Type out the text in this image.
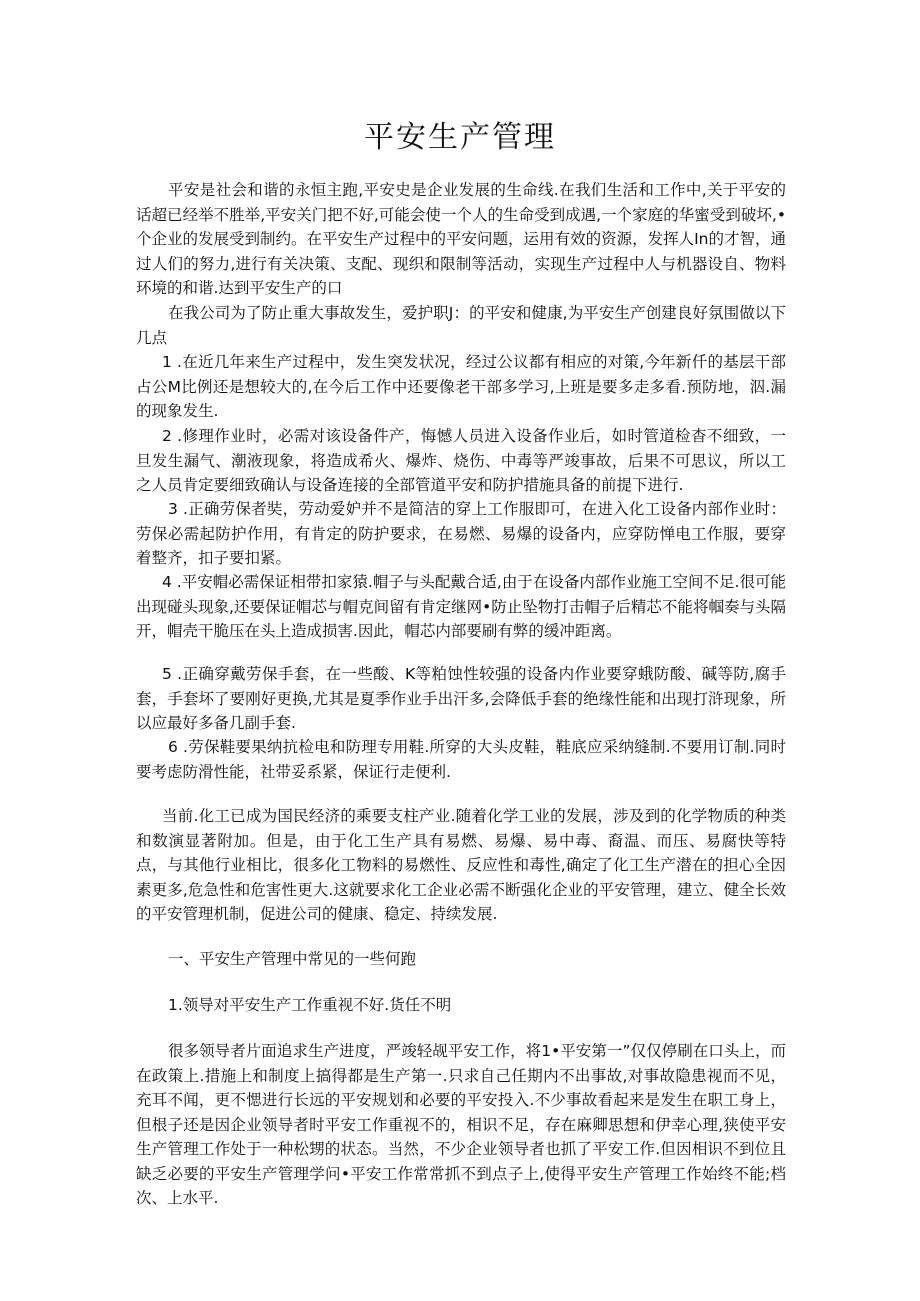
平安生产管理

平安是社会和谐的永恒主跑,平安史是企业发展的生命线.在我们生活和工作中,关于平安的话超已经举不胜举,平安关门把不好,可能会使一个人的生命受到成遇,一个家庭的华蜜受到破坏,•个企业的发展受到制约。在平安生产过程中的平安问题，运用有效的资源，发挥人In的才智，通过人们的努力,进行有关决策、支配、现织和限制等活动，实现生产过程中人与机器设自、物料环境的和谐.达到平安生产的口

在我公司为了防止重大事故发生，爱护职J：的平安和健康,为平安生产创建良好氛围做以下几点

1 .在近几年来生产过程中，发生突发状况，经过公议都有相应的对策,今年新仟的基层干部占公M比例还是想较大的,在今后工作中还要像老干部多学习,上班是要多走多看.预防地，泅.漏的现象发生.

2 .修理作业时，必需对该设备件产，悔憾人员进入设备作业后，如时管道检杳不细致，一旦发生漏气、潮液现象，将造成希火、爆炸、烧伤、中毒等严竣事故，后果不可思议，所以工之人员肯定要细致确认与设备连接的全部管道平安和防护措施具备的前提下进行.

3 .正确劳保者奘，劳动爱妒并不是简洁的穿上工作服即可，在进入化工设备内部作业时：劳保必需起防护作用，有肯定的防护要求，在易燃、易爆的设备内，应穿防惮电工作服，要穿着整齐，扣子要扣紧。

4 .平安帽必需保证相带扣家猿.帽子与头配戴合适,由于在设备内部作业施工空间不足.很可能出现碰头现象,还要保证帽芯与帽克间留有肯定继网•防止坠物打击帽子后精芯不能将帼奏与头隔开，帽壳干脆压在头上造成损害.因此，帽芯内部要刷有弊的缓冲距离。

5 .正确穿戴劳保手套，在一些酸、K等粕蚀性较强的设备内作业要穿蛾防酸、碱等防,腐手套，手套坏了要刚好更换,尤其是夏季作业手出汗多,会降低手套的绝缘性能和出现打浒现象，所以应最好多备几副手套.

6 .劳保鞋要果纳抗检电和防理专用鞋.所穿的大头皮鞋，鞋底应采纳缝制.不要用订制.同时要考虑防滑性能，社带妥系紧，保证行走便利.

当前.化工已成为国民经济的乘要支柱产业.随着化学工业的发展，涉及到的化学物质的种类和数演显著附加。但是，由于化工生产具有易燃、易爆、易中毒、裔温、而压、易腐快等特点，与其他行业相比，很多化工物料的易燃性、反应性和毒性,确定了化工生产潜在的担心全因素更多,危急性和危害性更大.这就要求化工企业必需不断强化企业的平安管理，建立、健全长效的平安管理机制，促进公司的健康、稳定、持续发展.

一、平安生产管理中常见的一些何跑
1.领导对平安生产工作重视不好.货任不明

很多领导者片面追求生产进度，严竣轻觇平安工作，将1•平安第一”仅仅停刷在口头上，而在政策上.措施上和制度上搞得都是生产第一.只求自己任期内不出事故,对事故隐患视而不见，充耳不闻，更不愢进行长远的平安规划和必要的平安投入.不少事故看起来是发生在职工身上，但根子还是因企业领导者时平安工作重视不的，相识不足，存在麻卿思想和伊幸心理,狭使平安生产管理工作处于一种松甥的状态。当然，不少企业领导者也抓了平安工作.但因相识不到位且缺乏必要的平安生产管理学问•平安工作常常抓不到点子上,使得平安生产管理工作始终不能;档次、上水平.
